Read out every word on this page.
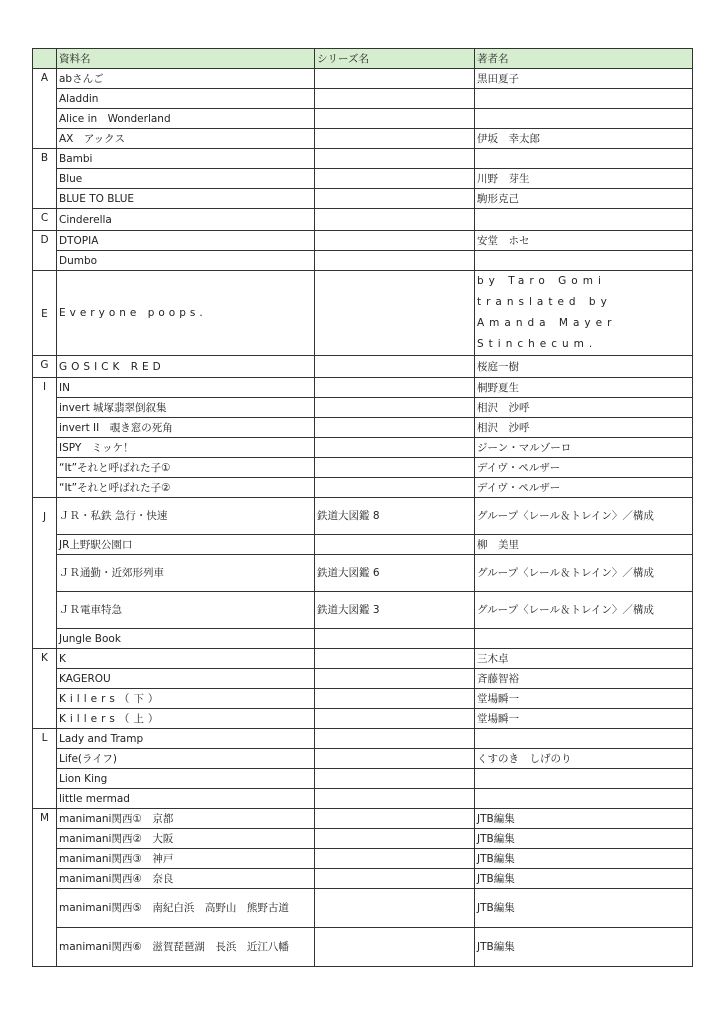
	資料名	シリーズ名	著者名
A	abさんご		黒田夏子
	Aladdin		
	Alice in　Wonderland		
	AX　アックス		伊坂　幸太郎
B	Bambi		
	Blue		川野　芽生
	BLUE TO BLUE		駒形克己
C	Cinderella		
D	DTOPIA		安堂　ホセ
	Dumbo		
E	Everyone poops.		by Taro Gomi translated by Amanda Mayer Stinchecum.
G	GOSICK RED		桜庭一樹
I	IN		桐野夏生
	invert 城塚翡翠倒叙集		相沢　沙呼
	invert II　覗き窓の死角		相沢　沙呼
	ISPY　ミッケ！		ジーン・マルゾーロ
	“It”それと呼ばれた子①		デイヴ・ペルザー
	“It”それと呼ばれた子②		デイヴ・ペルザー
J	ＪＲ・私鉄 急行・快速	鉄道大図鑑 8	グループ〈レール＆トレイン〉／構成
	JR上野駅公園口		柳　美里
	ＪＲ通勤・近郊形列車	鉄道大図鑑 6	グループ〈レール＆トレイン〉／構成
	ＪＲ電車特急	鉄道大図鑑 3	グループ〈レール＆トレイン〉／構成
	Jungle Book		
K	K		三木卓
	KAGEROU		斉藤智裕
	Killers（下）		堂場瞬一
	Killers（上）		堂場瞬一
L	Lady and Tramp		
	Life(ライフ)		くすのき　しげのり
	Lion King		
	little mermad		
M	manimani関西①　京都		JTB編集
	manimani関西②　大阪		JTB編集
	manimani関西③　神戸		JTB編集
	manimani関西④　奈良		JTB編集
	manimani関西⑤　南紀白浜　高野山　熊野古道		JTB編集
	manimani関西⑥　滋賀琵琶湖　長浜　近江八幡		JTB編集
